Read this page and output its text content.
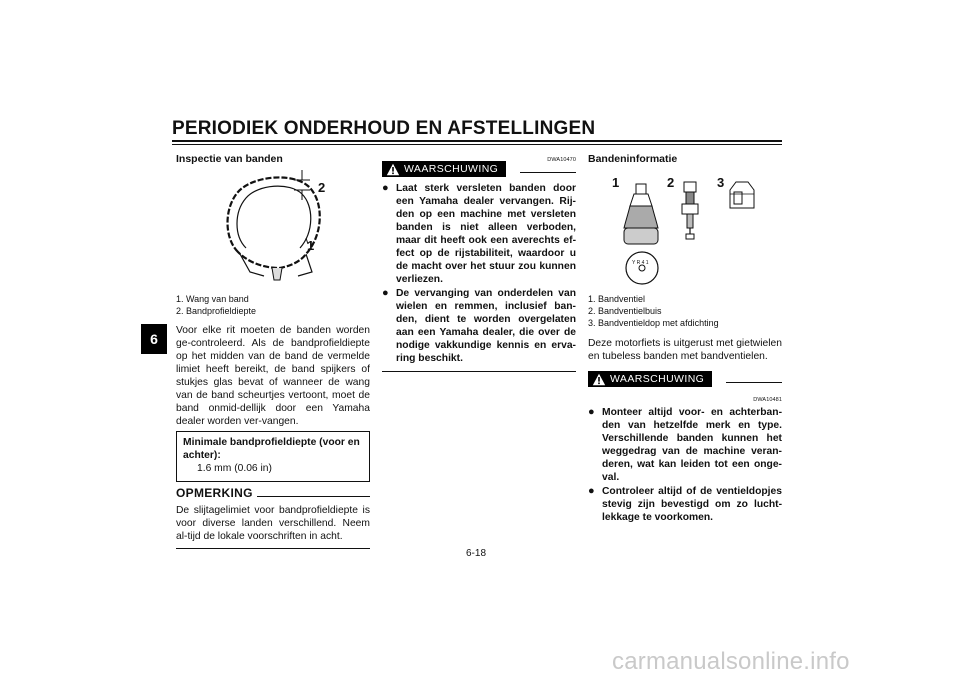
PERIODIEK ONDERHOUD EN AFSTELLINGEN
6
Inspectie van banden
2
1
1. Wang van band
2. Bandprofieldiepte
Voor elke rit moeten de banden worden ge-controleerd. Als de bandprofieldiepte op het midden van de band de vermelde limiet heeft bereikt, de band spijkers of stukjes glas bevat of wanneer de wang van de band scheurtjes vertoont, moet de band onmid-dellijk door een Yamaha dealer worden ver-vangen.
Minimale bandprofieldiepte (voor en achter):
1.6 mm (0.06 in)
OPMERKING
De slijtagelimiet voor bandprofieldiepte is voor diverse landen verschillend. Neem al-tijd de lokale voorschriften in acht.
WAARSCHUWING
DWA10470
● Laat sterk versleten banden door een Yamaha dealer vervangen. Rij-den op een machine met versleten banden is niet alleen verboden, maar dit heeft ook een averechts ef-fect op de rijstabiliteit, waardoor u de macht over het stuur zou kunnen verliezen.
● De vervanging van onderdelen van wielen en remmen, inclusief ban-den, dient te worden overgelaten aan een Yamaha dealer, die over de nodige vakkundige kennis en erva-ring beschikt.
Bandeninformatie
1	2	3
Y R 4 1
1. Bandventiel
2. Bandventielbuis
3. Bandventieldop met afdichting
Deze motorfiets is uitgerust met gietwielen en tubeless banden met bandventielen.
WAARSCHUWING
DWA10481
● Monteer altijd voor- en achterban-den van hetzelfde merk en type. Verschillende banden kunnen het weggedrag van de machine veran-deren, wat kan leiden tot een onge-val.
● Controleer altijd of de ventieldopjes stevig zijn bevestigd om zo lucht-lekkage te voorkomen.
6-18
carmanualsonline.info
